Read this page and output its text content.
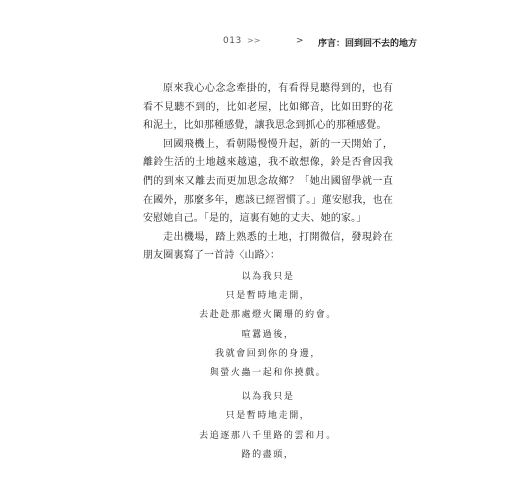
013 >>	> 序言：回到回不去的地方

原來我心心念念牽掛的，有看得見聽得到的，也有看不見聽不到的，比如老屋，比如鄉音，比如田野的花和泥土，比如那種感覺，讓我思念到抓心的那種感覺。

回國飛機上，看朝陽慢慢升起，新的一天開始了，離鈴生活的土地越來越遠，我不敢想像，鈴是否會因我們的到來又離去而更加思念故鄉？「她出國留學就一直在國外，那麼多年，應該已經習慣了。」蓮安慰我，也在安慰她自己。「是的，這裏有她的丈夫、她的家。」

走出機場，踏上熟悉的土地，打開微信，發現鈴在朋友圈裏寫了一首詩〈山路〉：

以為我只是
只是暫時地走開，
去赴赴那處燈火闌珊的約會。
喧囂過後，
我就會回到你的身邊，
與螢火蟲一起和你撓戲。
以為我只是
只是暫時地走開，
去追逐那八千里路的雲和月。
路的盡頭，
